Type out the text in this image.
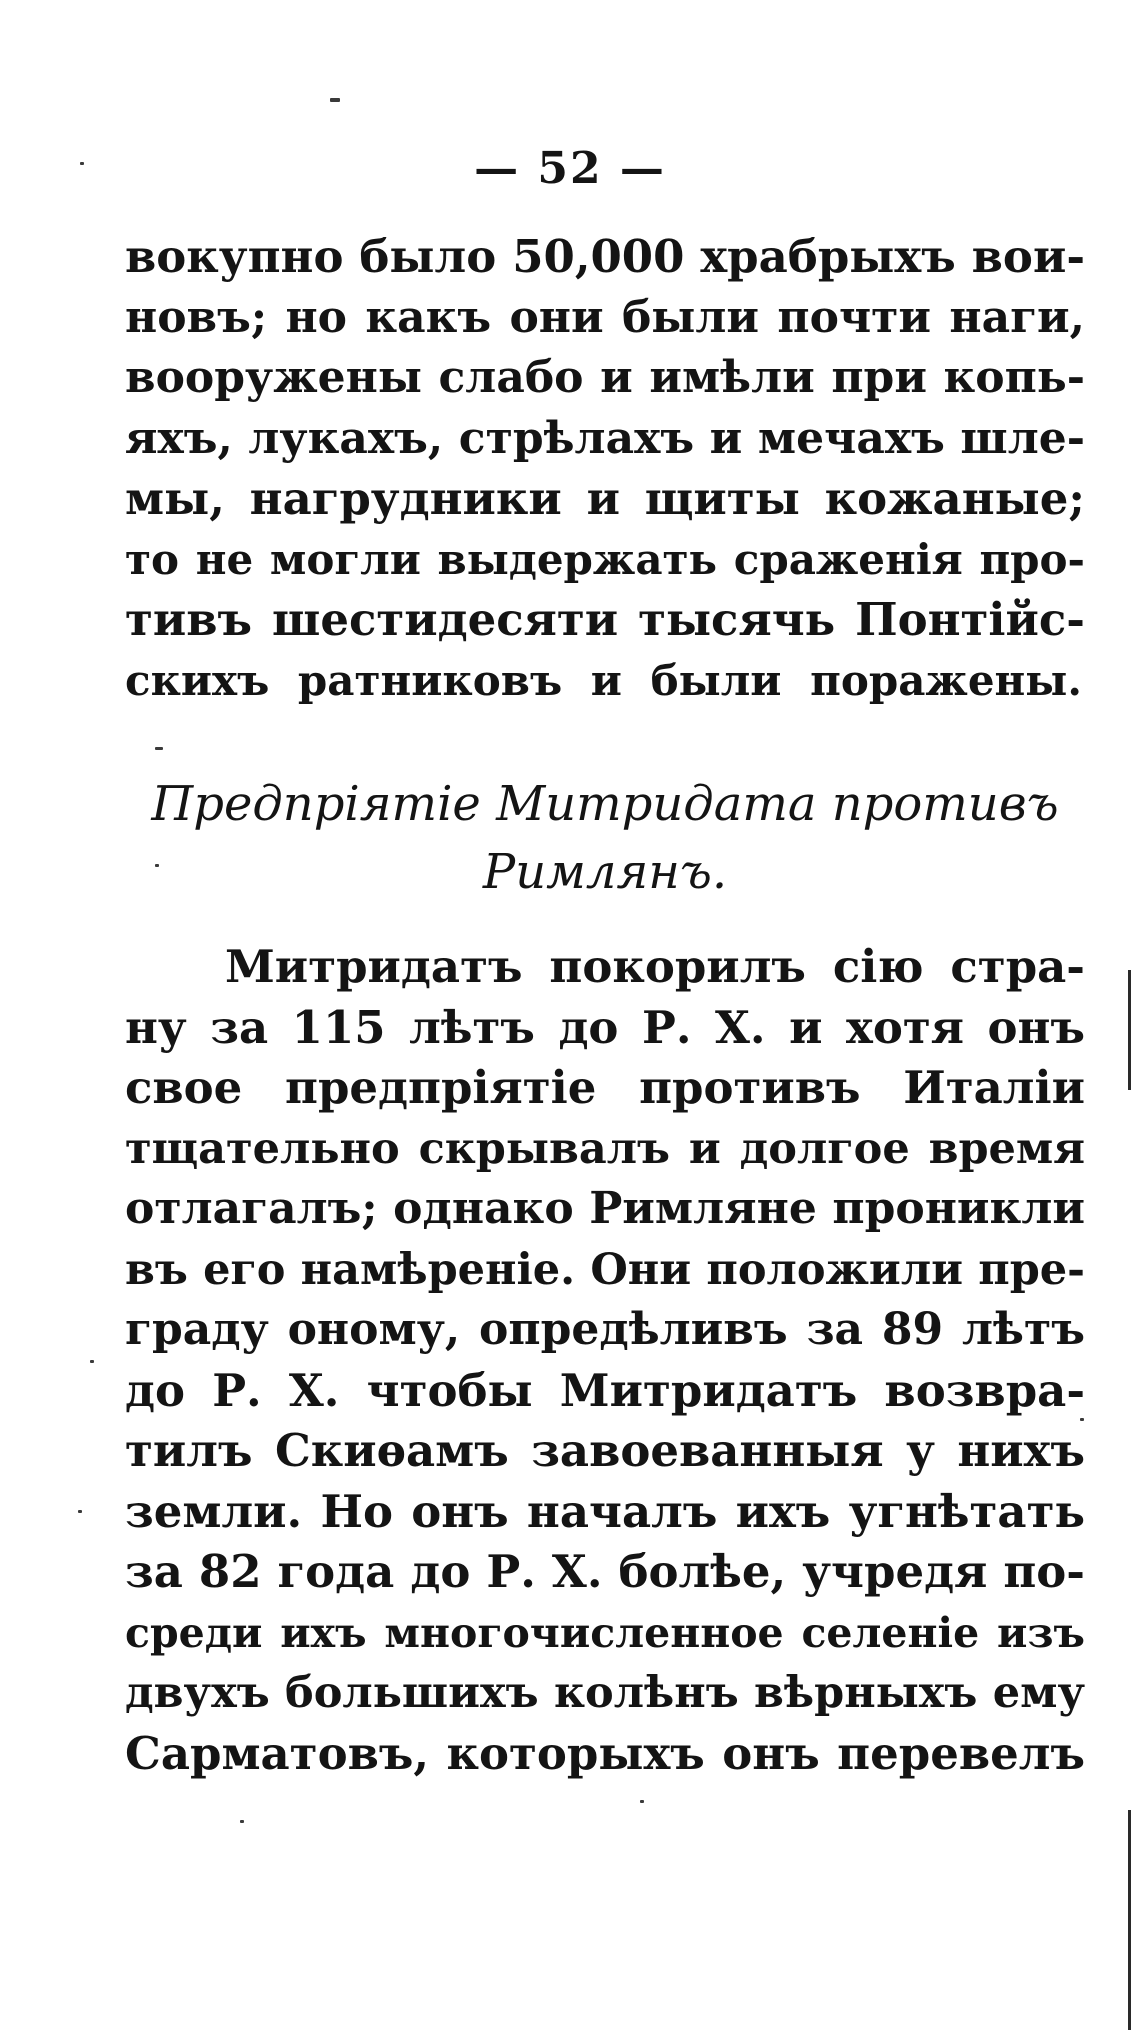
— 52 —
вокупно было 50,000 храбрыхъ вои-
новъ; но какъ они были почти наги,
вооружены слабо и имѣли при копь-
яхъ, лукахъ, стрѣлахъ и мечахъ шле-
мы, нагрудники и щиты кожаные;
то не могли выдержать сраженія про-
тивъ шестидесяти тысячь Понтійс-
скихъ ратниковъ и были поражены.
Предпріятіе Митридата противъ
Римлянъ.
Митридатъ покорилъ сію стра-
ну за 115 лѣтъ до Р. Х. и хотя онъ
свое предпріятіе противъ Италіи
тщательно скрывалъ и долгое время
отлагалъ; однако Римляне проникли
въ его намѣреніе. Они положили пре-
граду оному, опредѣливъ за 89 лѣтъ
до Р. Х. чтобы Митридатъ возвра-
тилъ Скиѳамъ завоеванныя у нихъ
земли. Но онъ началъ ихъ угнѣтать
за 82 года до Р. Х. болѣе, учредя по-
среди ихъ многочисленное селеніе изъ
двухъ большихъ колѣнъ вѣрныхъ ему
Сарматовъ, которыхъ онъ перевелъ
